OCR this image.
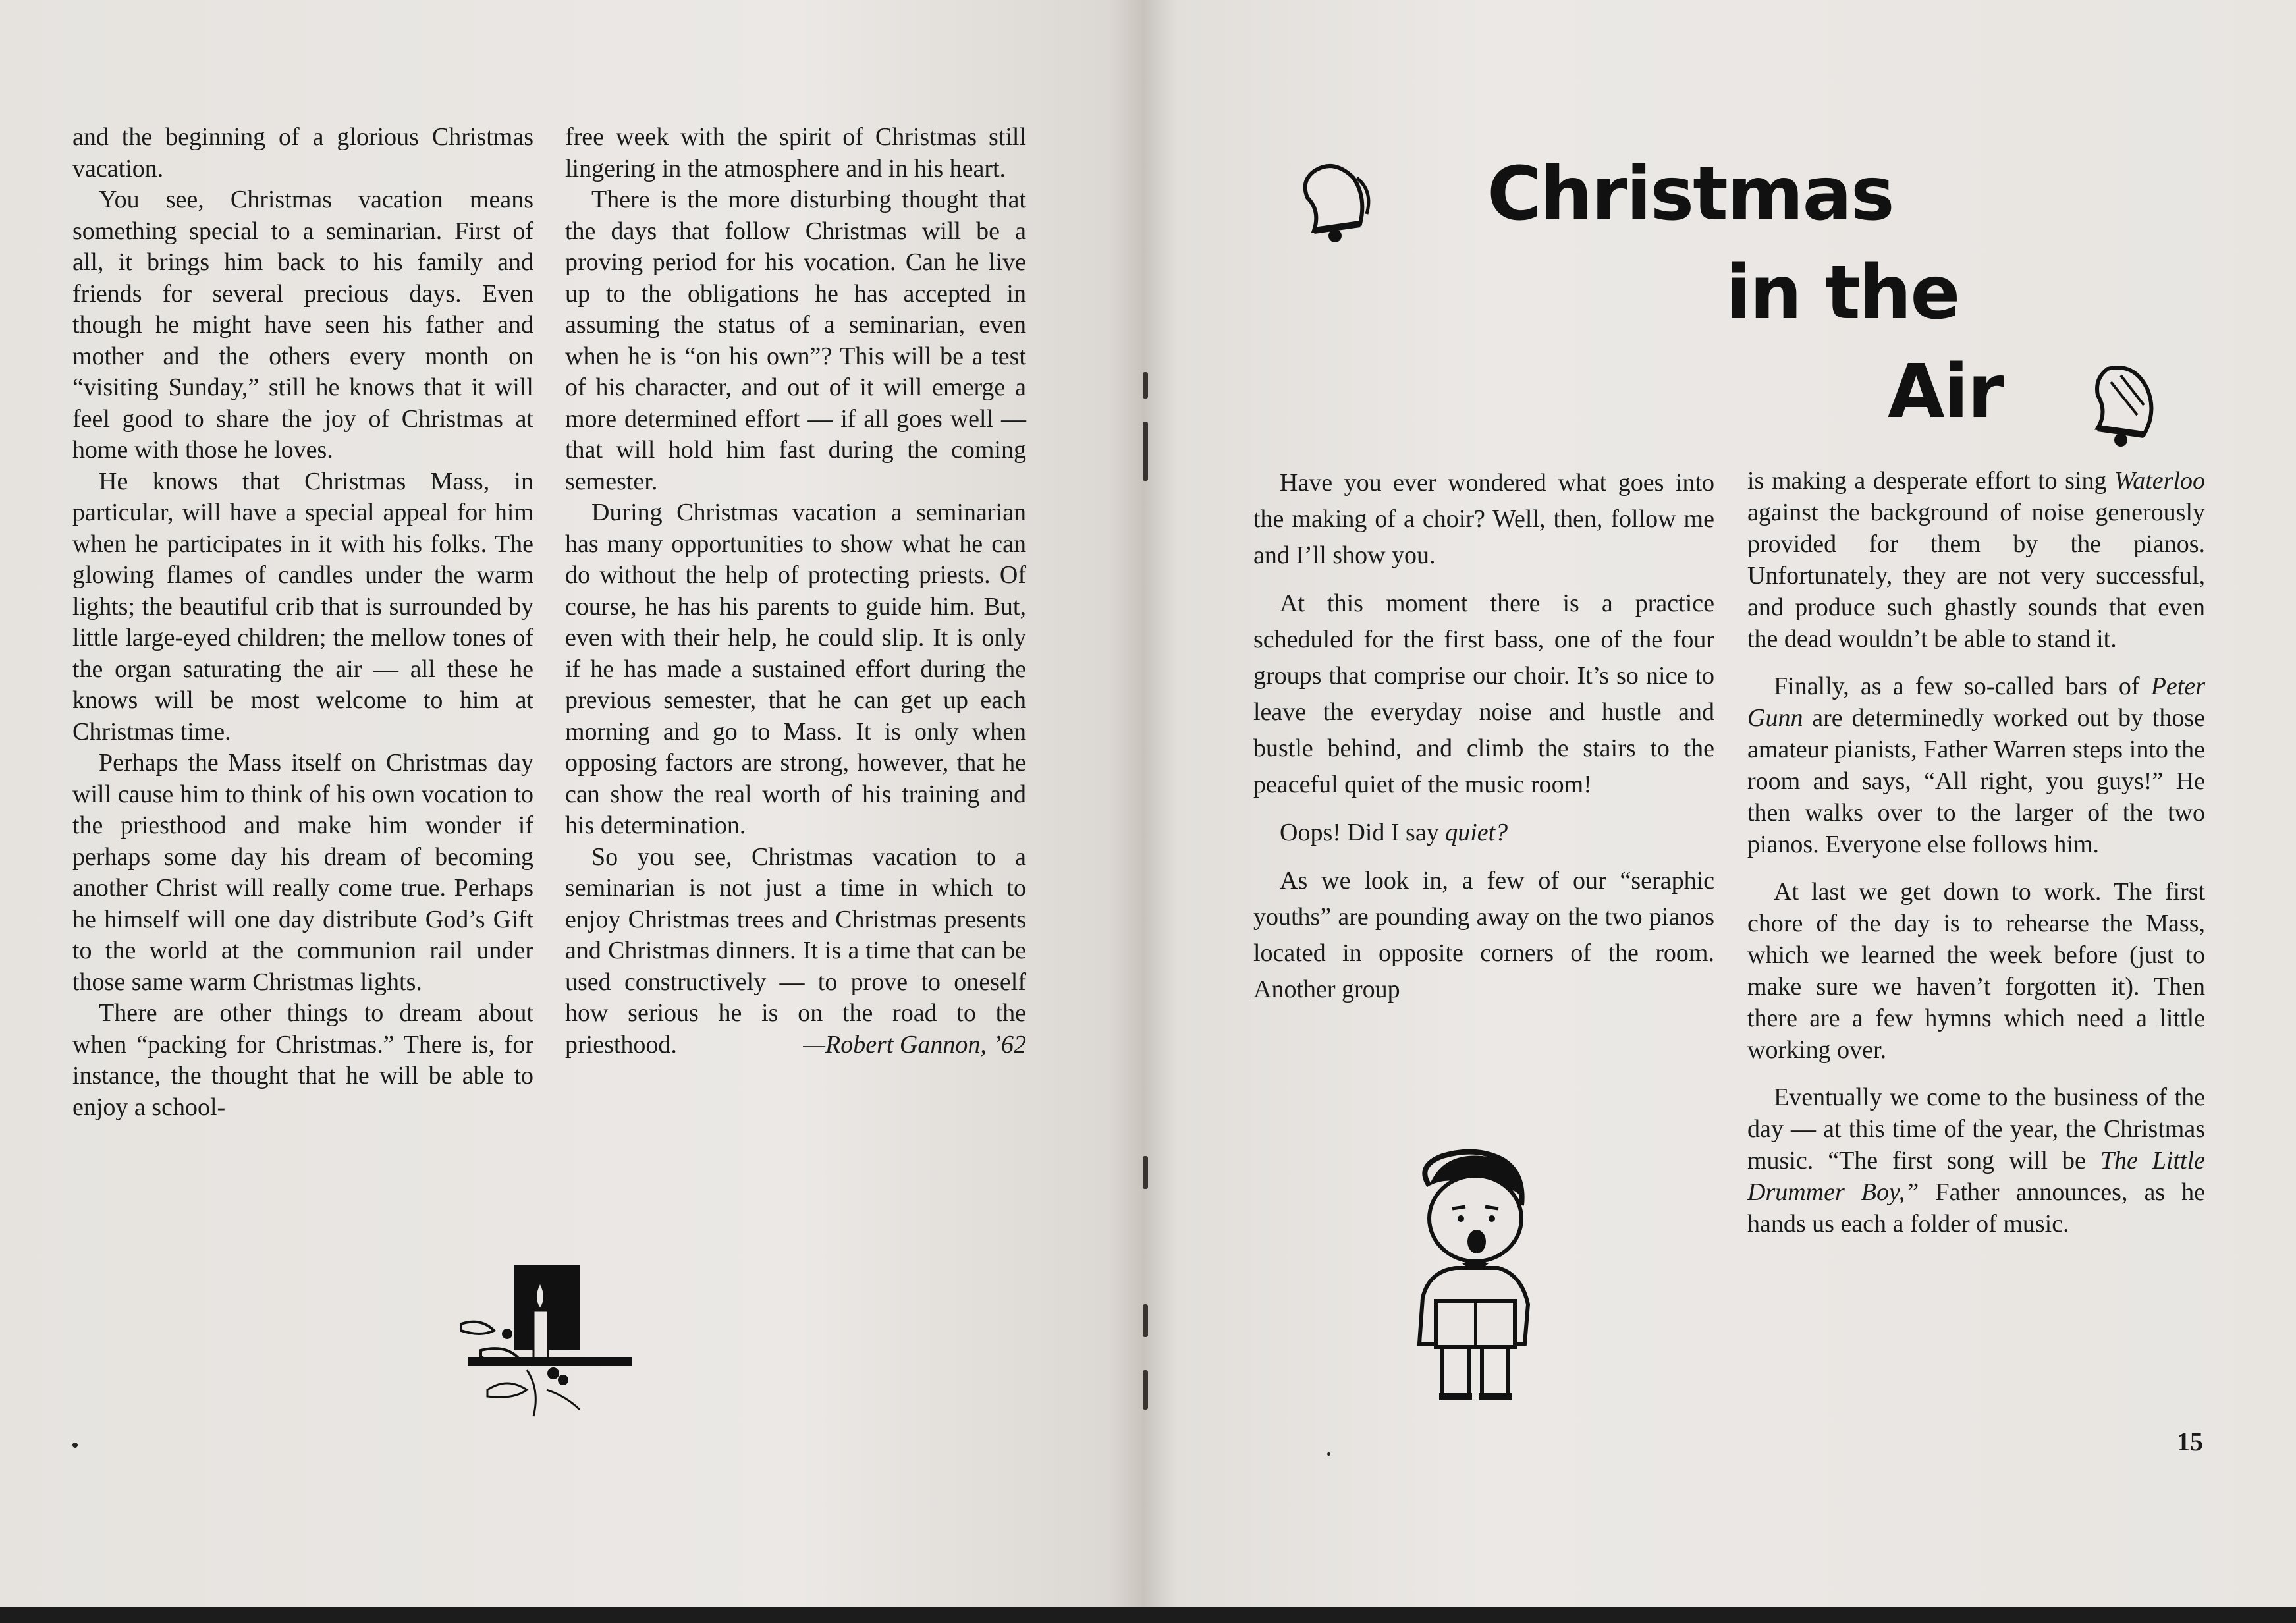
and the beginning of a glorious Christmas vacation.

You see, Christmas vacation means something special to a seminarian. First of all, it brings him back to his family and friends for several precious days. Even though he might have seen his father and mother and the others every month on “visiting Sunday,” still he knows that it will feel good to share the joy of Christmas at home with those he loves.

He knows that Christmas Mass, in particular, will have a special appeal for him when he participates in it with his folks. The glowing flames of candles under the warm lights; the beautiful crib that is surrounded by little large-eyed children; the mellow tones of the organ saturating the air — all these he knows will be most welcome to him at Christmas time.

Perhaps the Mass itself on Christmas day will cause him to think of his own vocation to the priesthood and make him wonder if perhaps some day his dream of becoming another Christ will really come true. Perhaps he himself will one day distribute God’s Gift to the world at the communion rail under those same warm Christmas lights.

There are other things to dream about when “packing for Christmas.” There is, for instance, the thought that he will be able to enjoy a school-

free week with the spirit of Christmas still lingering in the atmosphere and in his heart.

There is the more disturbing thought that the days that follow Christmas will be a proving period for his vocation. Can he live up to the obligations he has accepted in assuming the status of a seminarian, even when he is “on his own”? This will be a test of his character, and out of it will emerge a more determined effort — if all goes well — that will hold him fast during the coming semester.

During Christmas vacation a seminarian has many opportunities to show what he can do without the help of protecting priests. Of course, he has his parents to guide him. But, even with their help, he could slip. It is only if he has made a sustained effort during the previous semester, that he can get up each morning and go to Mass. It is only when opposing factors are strong, however, that he can show the real worth of his training and his determination.

So you see, Christmas vacation to a seminarian is not just a time in which to enjoy Christmas trees and Christmas presents and Christmas dinners. It is a time that can be used constructively — to prove to oneself how serious he is on the road to the priesthood.	—Robert Gannon, ’62
Christmas
in the
Air

Have you ever wondered what goes into the making of a choir? Well, then, follow me and I’ll show you.

At this moment there is a practice scheduled for the first bass, one of the four groups that comprise our choir. It’s so nice to leave the everyday noise and hustle and bustle behind, and climb the stairs to the peaceful quiet of the music room!

Oops! Did I say quiet?

As we look in, a few of our “seraphic youths” are pounding away on the two pianos located in opposite corners of the room. Another group

is making a desperate effort to sing Waterloo against the background of noise generously provided for them by the pianos. Unfortunately, they are not very successful, and produce such ghastly sounds that even the dead wouldn’t be able to stand it.

Finally, as a few so-called bars of Peter Gunn are determinedly worked out by those amateur pianists, Father Warren steps into the room and says, “All right, you guys!” He then walks over to the larger of the two pianos. Everyone else follows him.

At last we get down to work. The first chore of the day is to rehearse the Mass, which we learned the week before (just to make sure we haven’t forgotten it). Then there are a few hymns which need a little working over.

Eventually we come to the business of the day — at this time of the year, the Christmas music. “The first song will be The Little Drummer Boy,” Father announces, as he hands us each a folder of music.

15
